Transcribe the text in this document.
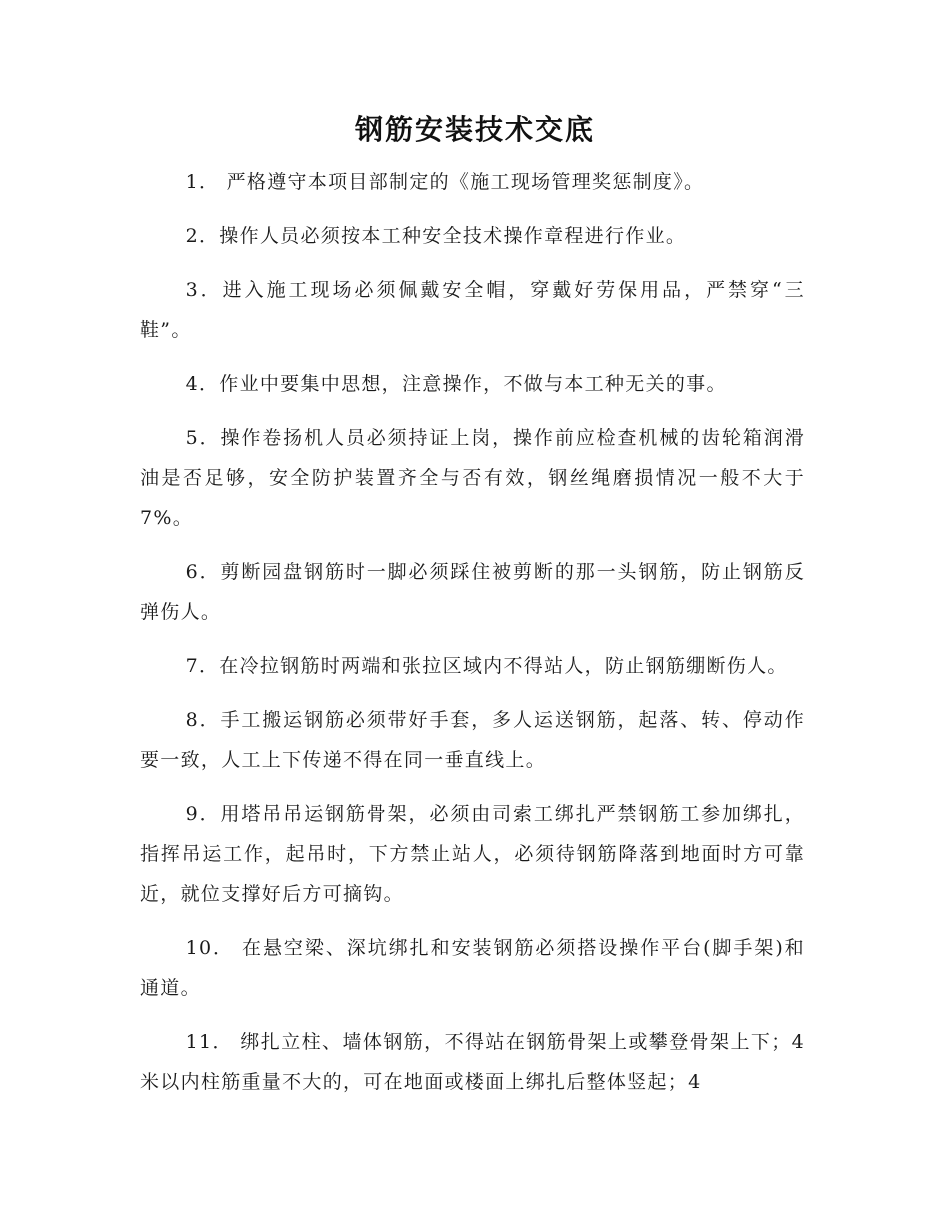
钢筋安装技术交底

1． 严格遵守本项目部制定的《施工现场管理奖惩制度》。

2．操作人员必须按本工种安全技术操作章程进行作业。

3．进入施工现场必须佩戴安全帽，穿戴好劳保用品，严禁穿“三鞋”。

4．作业中要集中思想，注意操作，不做与本工种无关的事。

5．操作卷扬机人员必须持证上岗，操作前应检查机械的齿轮箱润滑油是否足够，安全防护装置齐全与否有效，钢丝绳磨损情况一般不大于7%。

6．剪断园盘钢筋时一脚必须踩住被剪断的那一头钢筋，防止钢筋反弹伤人。

7．在冷拉钢筋时两端和张拉区域内不得站人，防止钢筋绷断伤人。

8．手工搬运钢筋必须带好手套，多人运送钢筋，起落、转、停动作要一致，人工上下传递不得在同一垂直线上。

9．用塔吊吊运钢筋骨架，必须由司索工绑扎严禁钢筋工参加绑扎，指挥吊运工作，起吊时，下方禁止站人，必须待钢筋降落到地面时方可靠近，就位支撑好后方可摘钩。

10． 在悬空梁、深坑绑扎和安装钢筋必须搭设操作平台(脚手架)和通道。

11． 绑扎立柱、墙体钢筋，不得站在钢筋骨架上或攀登骨架上下；4米以内柱筋重量不大的，可在地面或楼面上绑扎后整体竖起；4
